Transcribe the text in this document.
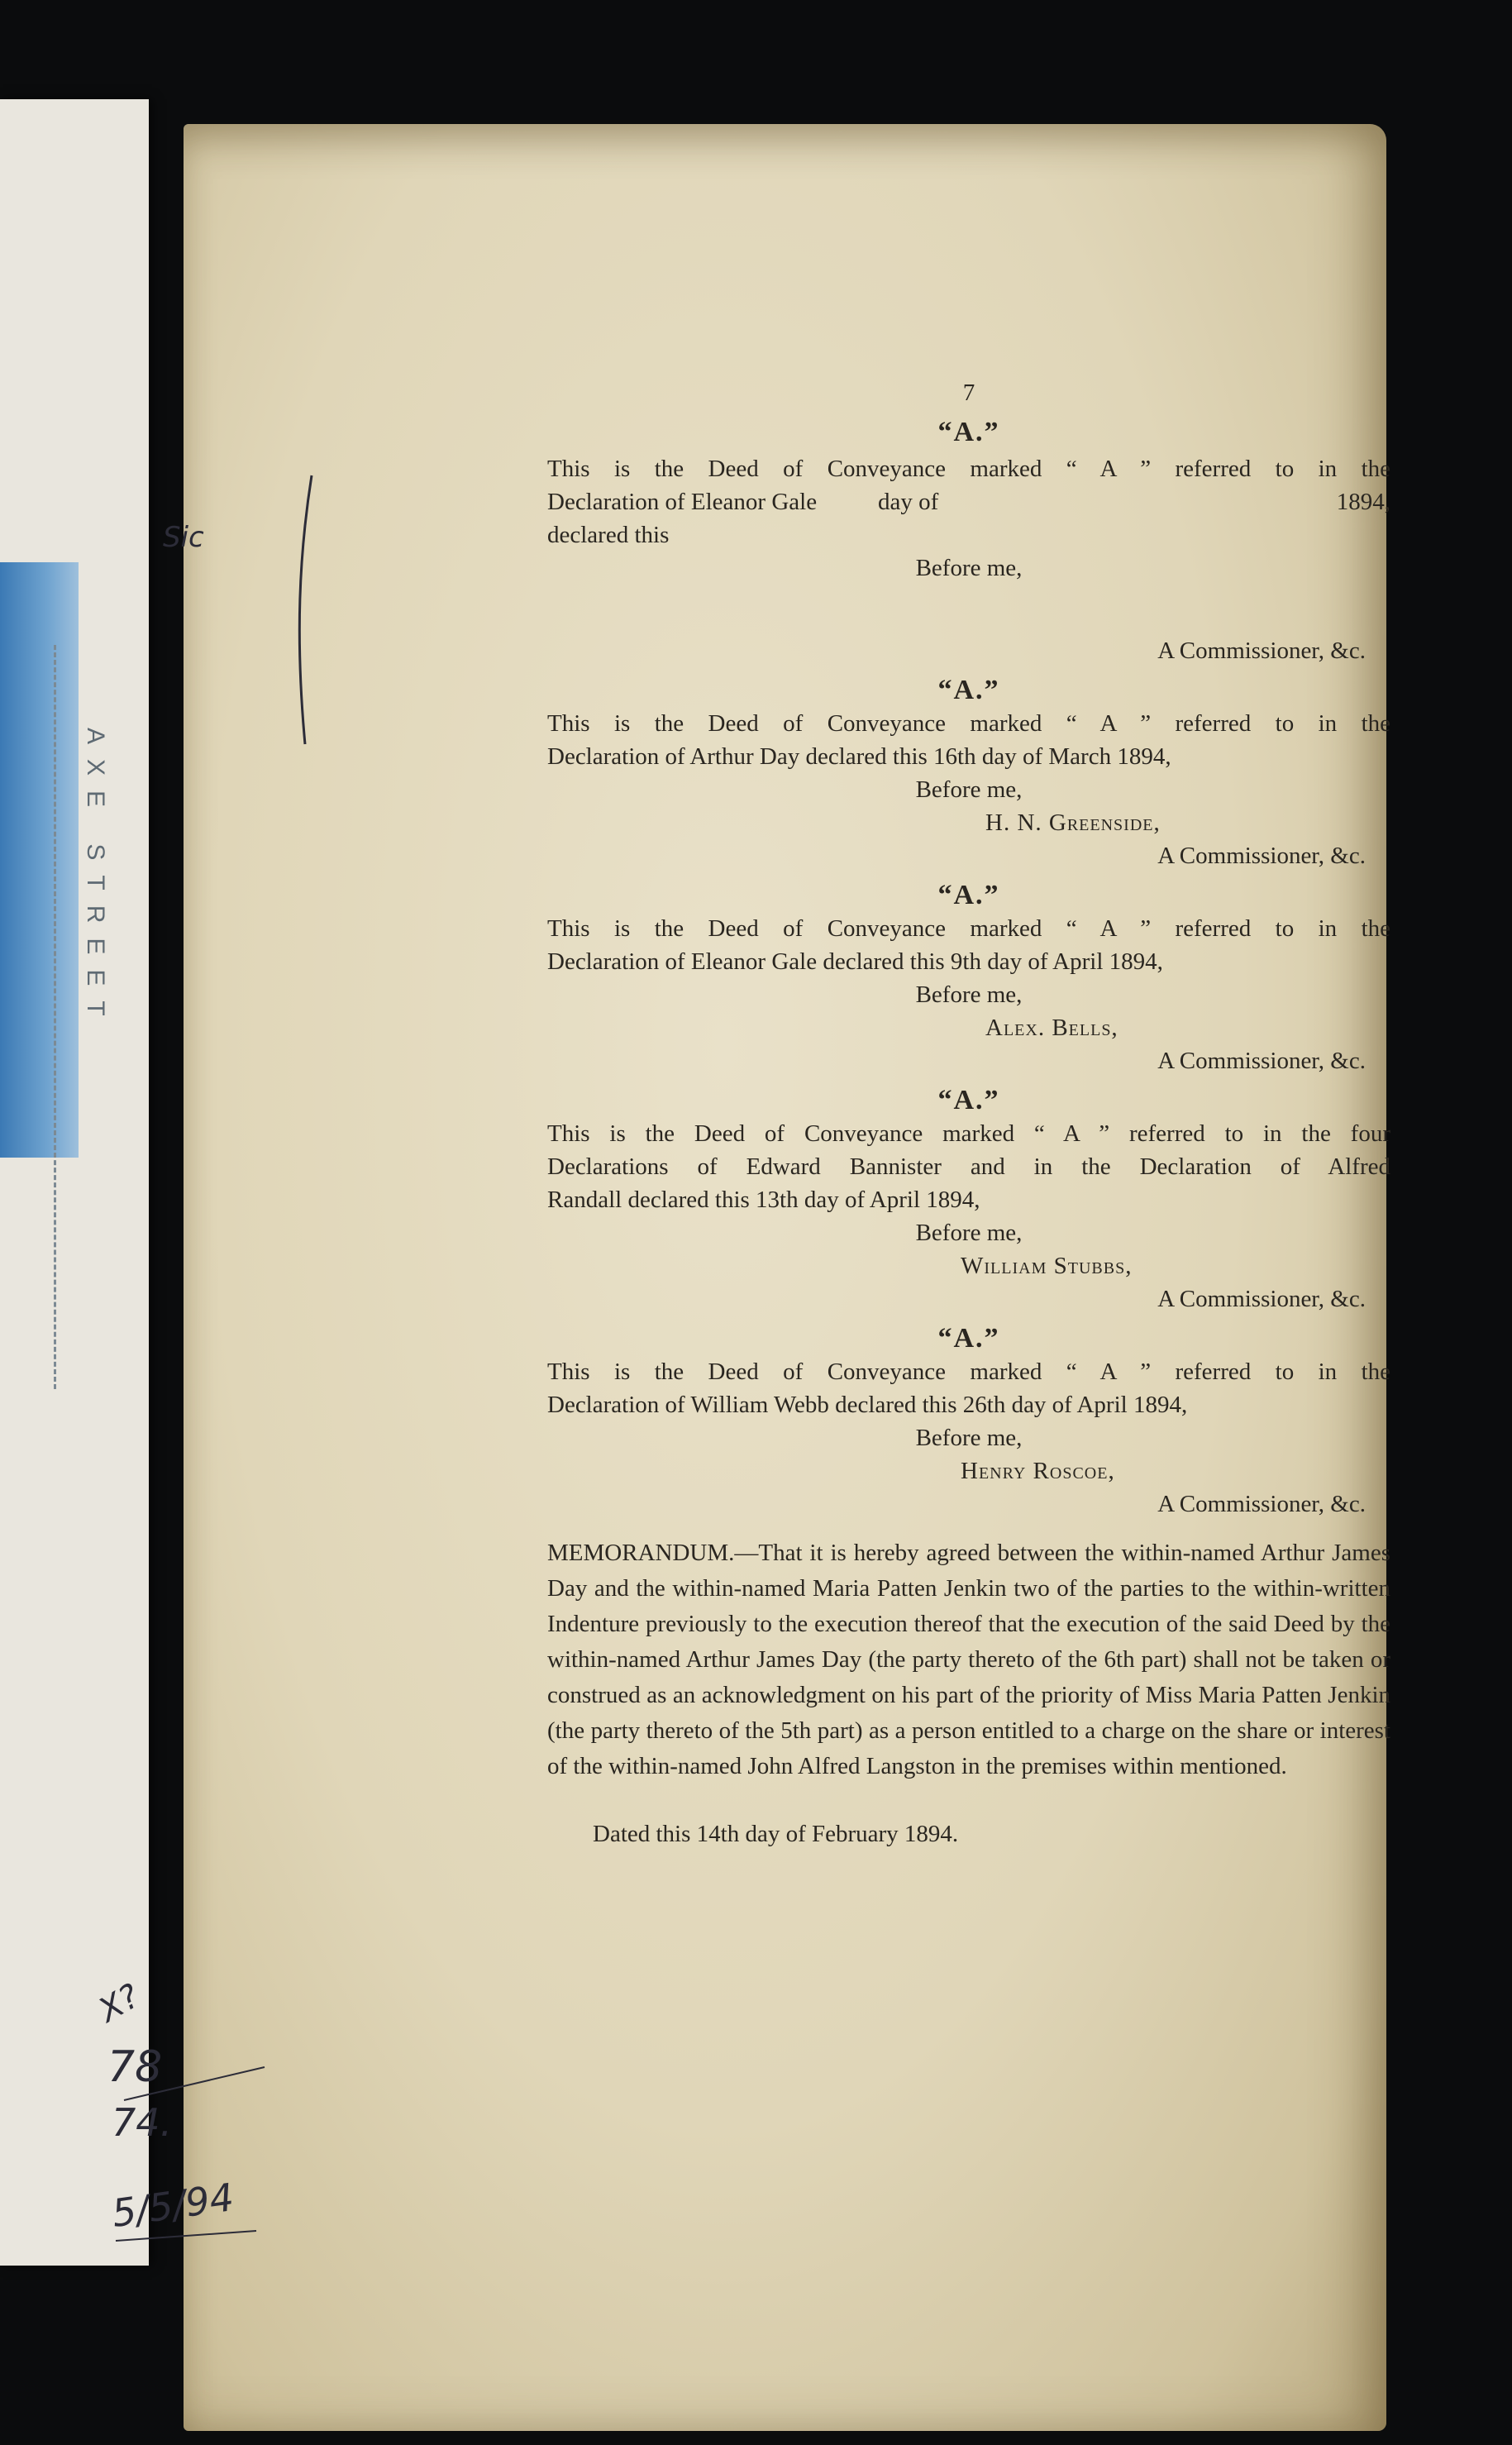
AXE STREET
7
“A.”
This is the Deed of Conveyance marked “ A ” referred to in the
Declaration of Eleanor Gale declared this
day of	1894,
Before me,
A Commissioner, &c.
“A.”
This is the Deed of Conveyance marked “ A ” referred to in the
Declaration of Arthur Day declared this 16th day of March 1894,
Before me,
H. N. Greenside,
A Commissioner, &c.
“A.”
This is the Deed of Conveyance marked “ A ” referred to in the
Declaration of Eleanor Gale declared this 9th day of April 1894,
Before me,
Alex. Bells,
A Commissioner, &c.
“A.”
This is the Deed of Conveyance marked “ A ” referred to in the four
Declarations of Edward Bannister and in the Declaration of Alfred
Randall declared this 13th day of April 1894,
Before me,
William Stubbs,
A Commissioner, &c.
“A.”
This is the Deed of Conveyance marked “ A ” referred to in the
Declaration of William Webb declared this 26th day of April 1894,
Before me,
Henry Roscoe,
A Commissioner, &c.
MEMORANDUM.—That it is hereby agreed between the within-named Arthur James Day and the within-named Maria Patten Jenkin two of the parties to the within-written Indenture previously to the execution thereof that the execution of the said Deed by the within-named Arthur James Day (the party thereto of the 6th part) shall not be taken or construed as an acknowledgment on his part of the priority of Miss Maria Patten Jenkin (the party thereto of the 5th part) as a person entitled to a charge on the share or interest of the within-named John Alfred Langston in the premises within mentioned.
Dated this 14th day of February 1894.
Sic
X?
78
74.
5/5/94
